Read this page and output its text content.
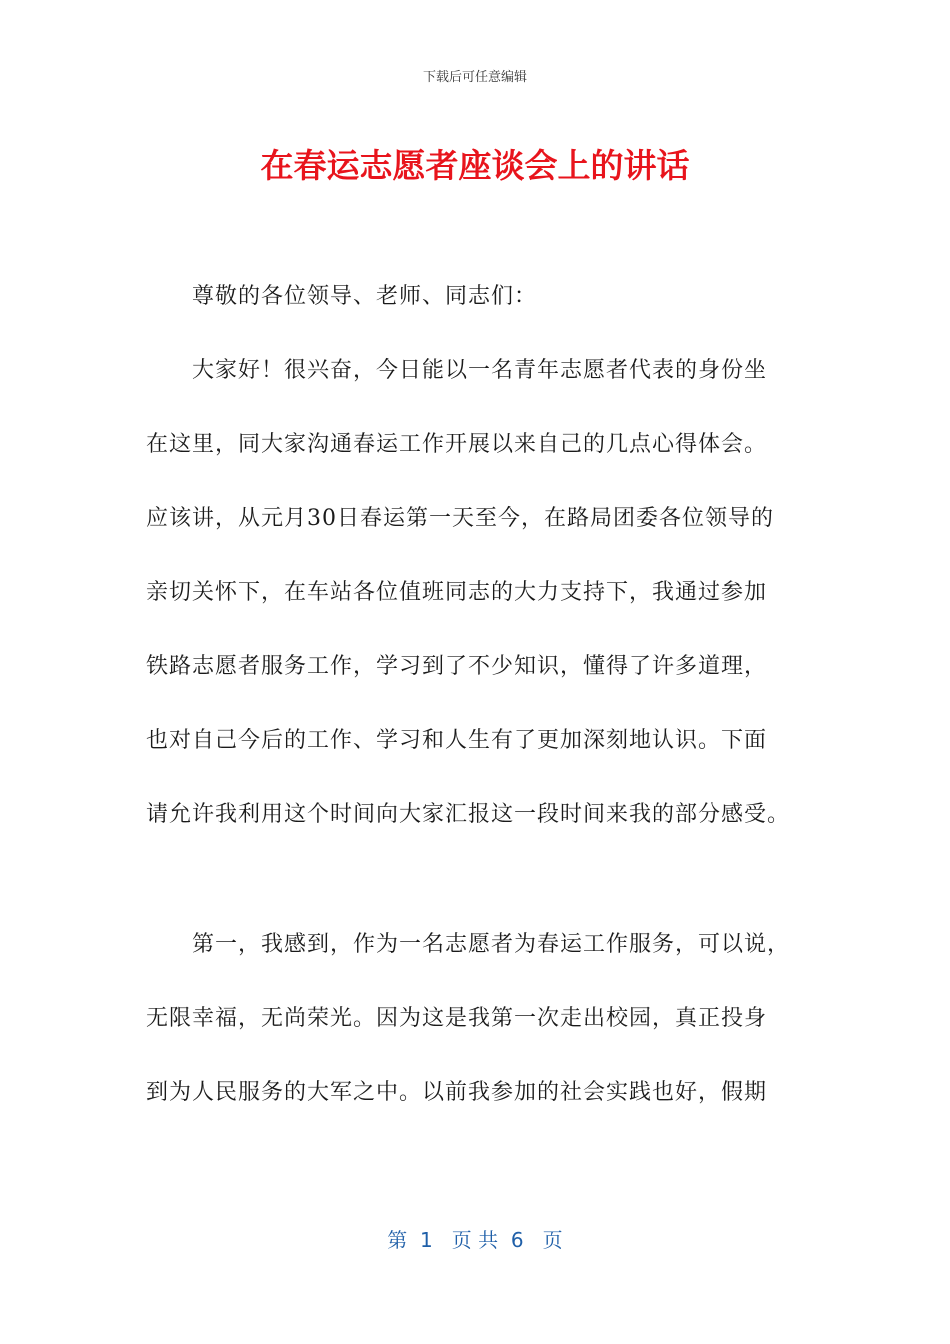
下载后可任意编辑
在春运志愿者座谈会上的讲话
尊敬的各位领导、老师、同志们：
大家好！很兴奋，今日能以一名青年志愿者代表的身份坐
在这里，同大家沟通春运工作开展以来自己的几点心得体会。
应该讲，从元月30日春运第一天至今，在路局团委各位领导的
亲切关怀下，在车站各位值班同志的大力支持下，我通过参加
铁路志愿者服务工作，学习到了不少知识，懂得了许多道理，
也对自己今后的工作、学习和人生有了更加深刻地认识。下面
请允许我利用这个时间向大家汇报这一段时间来我的部分感受。
第一，我感到，作为一名志愿者为春运工作服务，可以说，
无限幸福，无尚荣光。因为这是我第一次走出校园，真正投身
到为人民服务的大军之中。以前我参加的社会实践也好，假期
第  1   页 共  6   页
